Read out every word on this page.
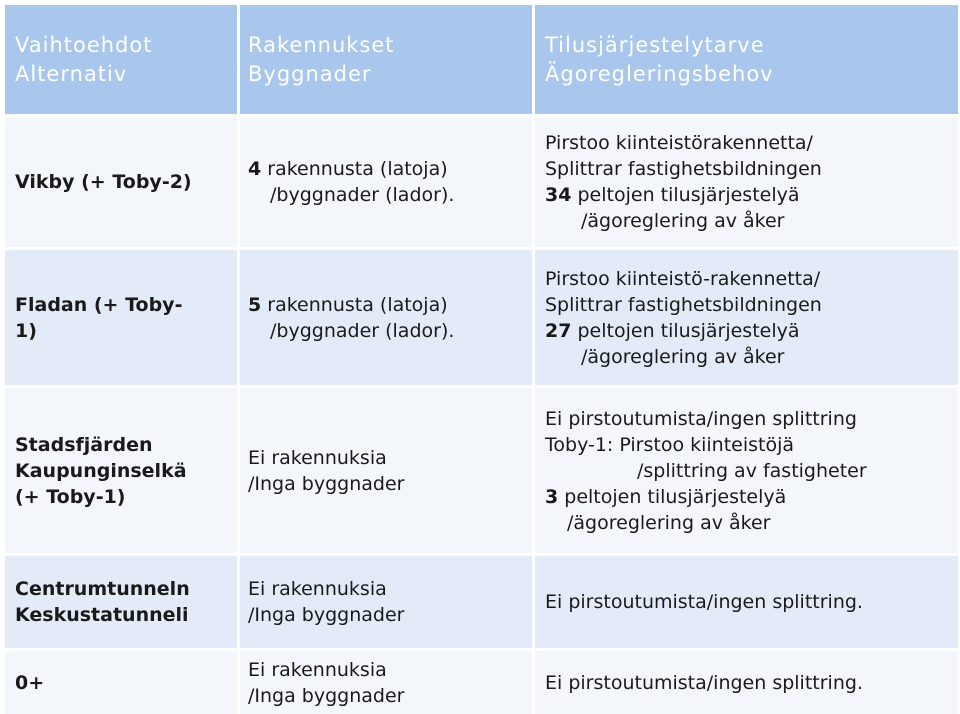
Vaihtoehdot
Alternativ
Rakennukset
Byggnader
Tilusjärjestelytarve
Ägoregleringsbehov
Vikby (+ Toby-2)
4 rakennusta (latoja)
/byggnader (lador).
Pirstoo kiinteistörakennetta/
Splittrar fastighetsbildningen
34 peltojen tilusjärjestelyä
/ägoreglering av åker
Fladan (+ Toby-
1)
5 rakennusta (latoja)
/byggnader (lador).
Pirstoo kiinteistö-rakennetta/
Splittrar fastighetsbildningen
27 peltojen tilusjärjestelyä
/ägoreglering av åker
Stadsfjärden
Kaupunginselkä
(+ Toby-1)
Ei rakennuksia
/Inga byggnader
Ei pirstoutumista/ingen splittring
Toby-1: Pirstoo kiinteistöjä
/splittring av fastigheter
3 peltojen tilusjärjestelyä
/ägoreglering av åker
Centrumtunneln
Keskustatunneli
Ei rakennuksia
/Inga byggnader
Ei pirstoutumista/ingen splittring.
0+
Ei rakennuksia
/Inga byggnader
Ei pirstoutumista/ingen splittring.
